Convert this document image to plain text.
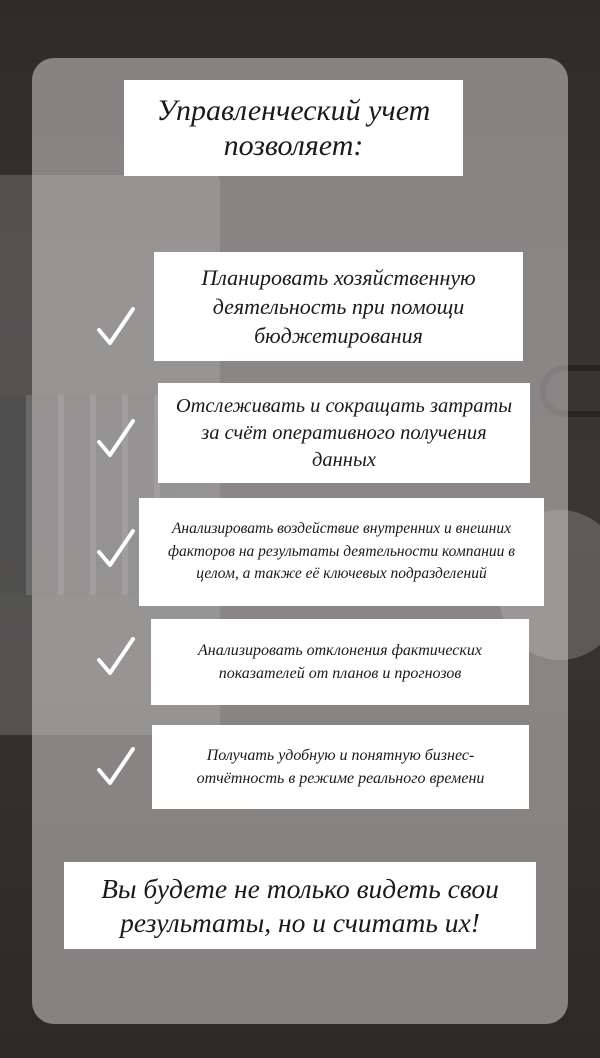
Управленческий учет позволяет:
Планировать хозяйственную деятельность при помощи бюджетирования
Отслеживать и сокращать затраты за счёт оперативного получения данных
Анализировать воздействие внутренних и внешних факторов на результаты деятельности компании в целом, а также её ключевых подразделений
Анализировать отклонения фактических показателей от планов и прогнозов
Получать удобную и понятную бизнес-отчётность в режиме реального времени
Вы будете не только видеть свои результаты, но и считать их!
